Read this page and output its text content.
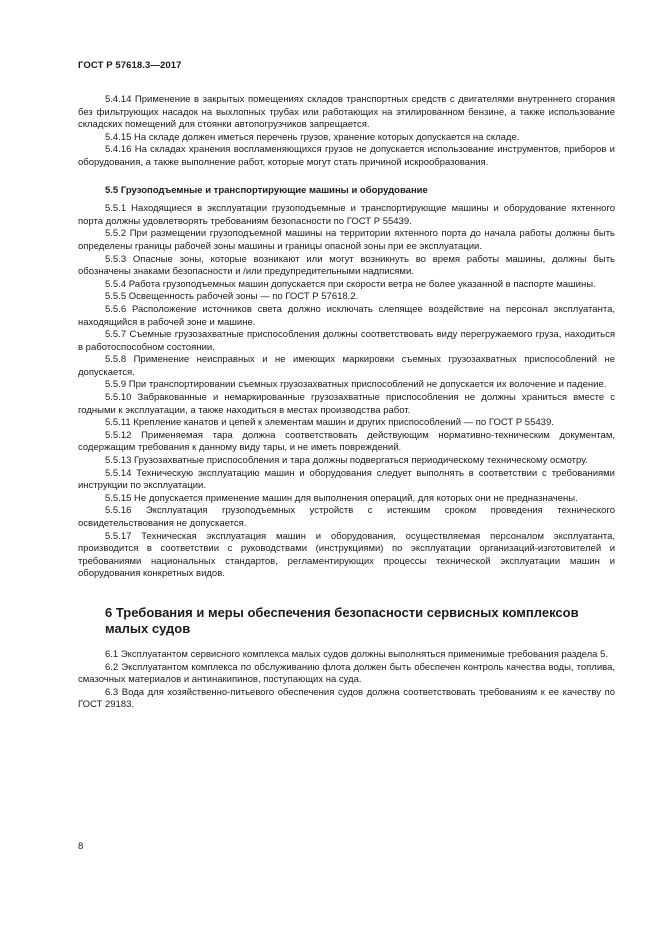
ГОСТ Р 57618.3—2017

5.4.14 Применение в закрытых помещениях складов транспортных средств с двигателями внутреннего сгорания без фильтрующих насадок на выхлопных трубах или работающих на этилированном бензине, а также использование складских помещений для стоянки автопогрузчиков запрещается.

5.4.15 На складе должен иметься перечень грузов, хранение которых допускается на складе.

5.4.16 На складах хранения воспламеняющихся грузов не допускается использование инструментов, приборов и оборудования, а также выполнение работ, которые могут стать причиной искрообразования.

5.5 Грузоподъемные и транспортирующие машины и оборудование

5.5.1 Находящиеся в эксплуатации грузоподъемные и транспортирующие машины и оборудование яхтенного порта должны удовлетворять требованиям безопасности по ГОСТ Р 55439.

5.5.2 При размещении грузоподъемной машины на территории яхтенного порта до начала работы должны быть определены границы рабочей зоны машины и границы опасной зоны при ее эксплуатации.

5.5.3 Опасные зоны, которые возникают или могут возникнуть во время работы машины, должны быть обозначены знаками безопасности и /или предупредительными надписями.

5.5.4 Работа грузоподъемных машин допускается при скорости ветра не более указанной в паспорте машины.

5.5.5 Освещенность рабочей зоны — по ГОСТ Р 57618.2.

5.5.6 Расположение источников света должно исключать слепящее воздействие на персонал эксплуатанта, находящийся в рабочей зоне и машине.

5.5.7 Съемные грузозахватные приспособления должны соответствовать виду перегружаемого груза, находиться в работоспособном состоянии.

5.5.8 Применение неисправных и не имеющих маркировки съемных грузозахватных приспособлений не допускается.

5.5.9 При транспортировании съемных грузозахватных приспособлений не допускается их волочение и падение.

5.5.10 Забракованные и немаркированные грузозахватные приспособления не должны храниться вместе с годными к эксплуатации, а также находиться в местах производства работ.

5.5.11 Крепление канатов и цепей к элементам машин и других приспособлений — по ГОСТ Р 55439.

5.5.12 Применяемая тара должна соответствовать действующим нормативно-техническим документам, содержащим требования к данному виду тары, и не иметь повреждений.

5.5.13 Грузозахватные приспособления и тара должны подвергаться периодическому техническому осмотру.

5.5.14 Техническую эксплуатацию машин и оборудования следует выполнять в соответствии с требованиями инструкции по эксплуатации.

5.5.15 Не допускается применение машин для выполнения операций, для которых они не предназначены.

5.5.16 Эксплуатация грузоподъемных устройств с истекшим сроком проведения технического освидетельствования не допускается.

5.5.17 Техническая эксплуатация машин и оборудования, осуществляемая персоналом эксплуатанта, производится в соответствии с руководствами (инструкциями) по эксплуатации организаций-изготовителей и требованиями национальных стандартов, регламентирующих процессы технической эксплуатации машин и оборудования конкретных видов.

6 Требования и меры обеспечения безопасности сервисных комплексов малых судов

6.1 Эксплуатантом сервисного комплекса малых судов должны выполняться применимые требования раздела 5.

6.2 Эксплуатантом комплекса по обслуживанию флота должен быть обеспечен контроль качества воды, топлива, смазочных материалов и антинакипинов, поступающих на суда.

6.3 Вода для хозяйственно-питьевого обеспечения судов должна соответствовать требованиям к ее качеству по ГОСТ 29183.

8
